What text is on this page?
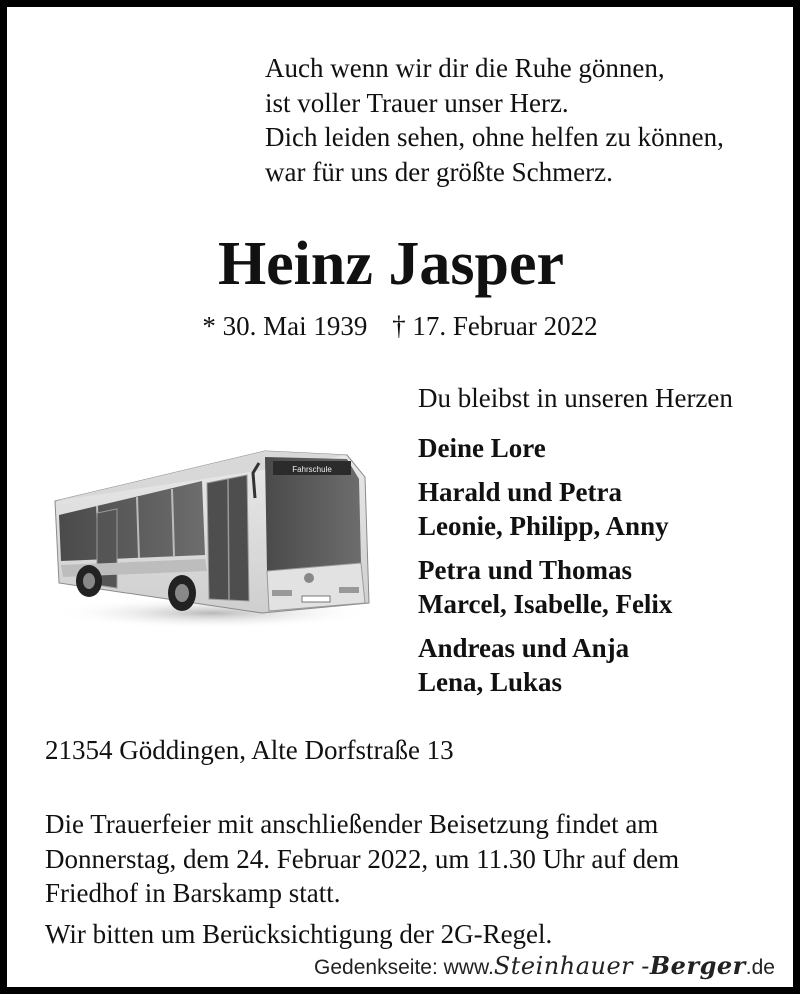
Auch wenn wir dir die Ruhe gönnen,
ist voller Trauer unser Herz.
Dich leiden sehen, ohne helfen zu können,
war für uns der größte Schmerz.
Heinz Jasper
* 30. Mai 1939 † 17. Februar 2022
Fahrschule
Du bleibst in unseren Herzen
Deine Lore
Harald und Petra
Leonie, Philipp, Anny
Petra und Thomas
Marcel, Isabelle, Felix
Andreas und Anja
Lena, Lukas
21354 Göddingen, Alte Dorfstraße 13
Die Trauerfeier mit anschließender Beisetzung findet am
Donnerstag, dem 24. Februar 2022, um 11.30 Uhr auf dem
Friedhof in Barskamp statt.
Wir bitten um Berücksichtigung der 2G-Regel.
Gedenkseite: www.Steinhauer -Berger.de
